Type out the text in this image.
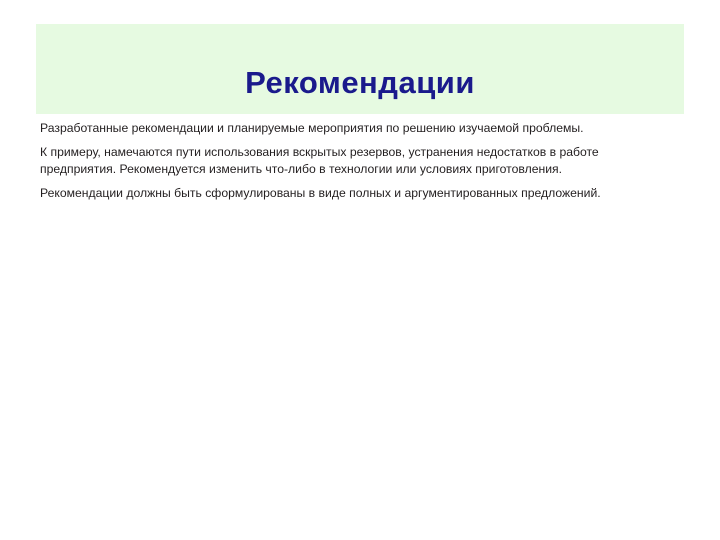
Рекомендации

Разработанные рекомендации и планируемые мероприятия по решению изучаемой проблемы.

К примеру, намечаются пути использования вскрытых резервов, устранения недостатков в работе предприятия. Рекомендуется изменить что-либо в технологии или условиях приготовления.

Рекомендации должны быть сформулированы в виде полных и аргументированных предложений.
